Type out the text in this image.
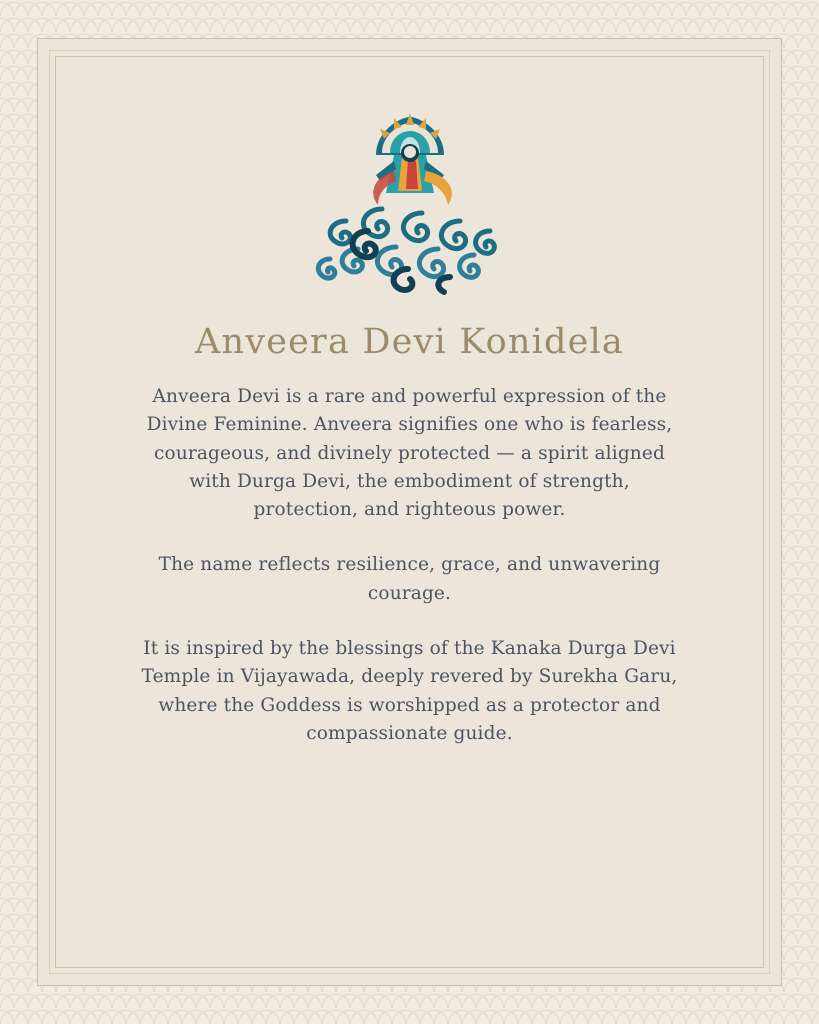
Anveera Devi Konidela

Anveera Devi is a rare and powerful expression of the Divine Feminine. Anveera signifies one who is fearless, courageous, and divinely protected — a spirit aligned with Durga Devi, the embodiment of strength, protection, and righteous power.

The name reflects resilience, grace, and unwavering courage.

It is inspired by the blessings of the Kanaka Durga Devi Temple in Vijayawada, deeply revered by Surekha Garu, where the Goddess is worshipped as a protector and compassionate guide.
